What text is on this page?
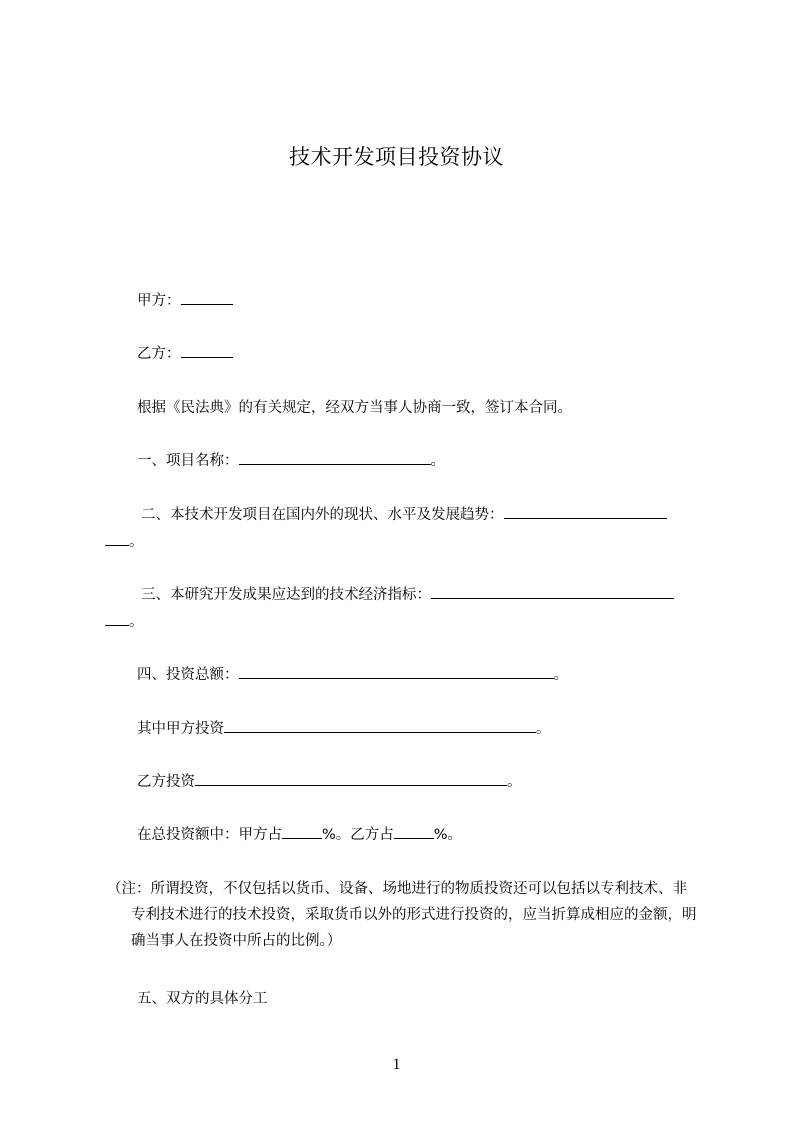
技术开发项目投资协议
甲方：
乙方：
根据《民法典》的有关规定，经双方当事人协商一致，签订本合同。
一、项目名称：	。
二、本技术开发项目在国内外的现状、水平及发展趋势：
。
三、本研究开发成果应达到的技术经济指标：
。
四、投资总额：	。
其中甲方投资	。
乙方投资	。
在总投资额中：甲方占	%。乙方占	%。
（注：所谓投资，不仅包括以货币、设备、场地进行的物质投资还可以包括以专利技术、非专利技术进行的技术投资，采取货币以外的形式进行投资的，应当折算成相应的金额，明确当事人在投资中所占的比例。）
五、双方的具体分工
1
